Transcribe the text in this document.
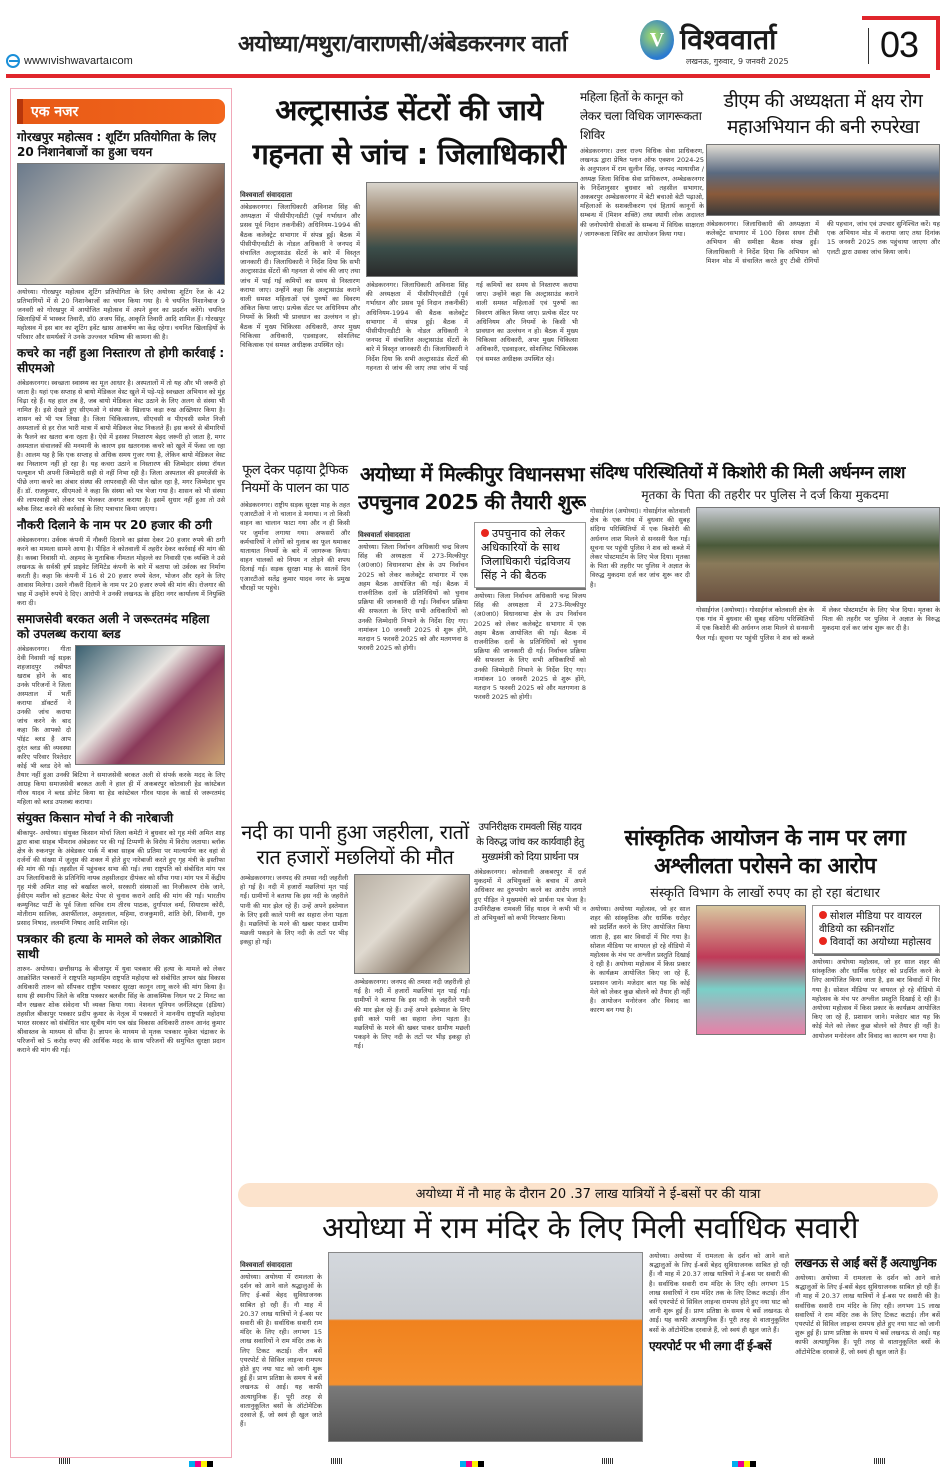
wwwıvishwavartaıcom
अयोध्या/मथुरा/वाराणसी/अंबेडकरनगर वार्ता	V विश्ववार्ता
लखनऊ, गुरुवार, 9 जनवरी 2025	03
एक नजर
गोरखपुर महोत्सव : शूटिंग प्रतियोगिता के लिए 20 निशानेबाजों का हुआ चयन

अयोध्या। गोरखपुर महोत्सव शूटिंग प्रतियोगिता के लिए अयोध्या शूटिंग रेंज के 42 प्रतिभागियों में से 20 निशानेबाजों का चयन किया गया है। ये चयनित निशानेबाज 9 जनवरी को गोरखपुर में आयोजित महोत्सव में अपने हुनर का प्रदर्शन करेंगे। चयनित खिलाड़ियों में भास्कर तिवारी, डॉ0 अजय सिंह, आकृति तिवारी आदि शामिल हैं। गोरखपुर महोत्सव में इस बार का शूटिंग इवेंट खास आकर्षण का केंद्र रहेगा। चयनित खिलाड़ियों के परिवार और समर्थकों ने उनके उज्ज्वल भविष्य की कामना की है।

कचरे का नहीं हुआ निस्तारण तो होगी कार्रवाई : सीएमओ

अंबेडकरनगर। स्वच्छता स्वास्थ्य का मूल आधार है। अस्पतालों में तो यह और भी जरूरी हो जाता है। यहां एक सप्ताह से बायो मेडिकल वेस्ट खुले में पड़े-पड़े स्वच्छता अभियान को मुंह चिढ़ा रहे हैं। यह हाल तब है, जब बायो मेडिकल वेस्ट उठाने के लिए अलग से संस्था भी नामित है। इसे देखते हुए सीएमओ ने संस्था के खिलाफ कड़ा रुख अख्तियार किया है। शासन को भी पत्र लिखा है। जिला चिकित्सालय, सीएचसी व पीएचसी समेत निजी अस्पतालों से हर रोज भारी मात्रा में बायो मेडिकल वेस्ट निकलते हैं। इस कचरे से बीमारियों के फैलने का खतरा बना रहता है। ऐसे में इसका निस्तारण बेहद जरूरी हो जाता है, मगर अस्पताल संचालकों की मनमानी के कारण इस खतरनाक कचरे को खुले में फेंका जा रहा है। आलम यह है कि एक सप्ताह से अधिक समय गुजर गया है, लेकिन बायो मेडिकल वेस्ट का निस्तारण नहीं हो रहा है। यह कचरा उठाने व निस्तारण की जिम्मेदार संस्था रॉयल पल्यूशन भी अपनी जिम्मेदारी सही से नहीं निभा रही है। जिला अस्पताल की इमरजेंसी के पीछे लगा कचरे का अंबार संस्था की लापरवाही की पोल खोल रहा है, मगर जिम्मेदार चुप हैं। डॉ. राजकुमार, सीएमओ ने कहा कि संस्था को पत्र भेजा गया है। शासन को भी संस्था की लापरवाही को लेकर पत्र भेजकर अवगत कराया है। इसमें सुधार नहीं हुआ तो उसे ब्लैक लिस्ट करने की कार्रवाई के लिए पत्राचार किया जाएगा।

नौकरी दिलाने के नाम पर 20 हजार की ठगी

अंबेडकरनगर। उर्वरक कंपनी में नौकरी दिलाने का झांसा देकर 20 हजार रुपये की ठगी करने का मामला सामने आया है। पीड़ित ने कोतवाली में तहरीर देकर कार्रवाई की मांग की है। कस्बा निवासी मो. अहमद के मुताबिक नीमतल मोहल्ले का निवासी एक व्यक्ति ने उसे लखनऊ के सर्वश्री हर्ष प्राइवेट लिमिटेड कंपनी के बारे में बताया जो उर्वरक का निर्माण करती है। कहा कि कंपनी में 16 से 20 हजार रुपये वेतन, भोजन और रहने के लिए आवास मिलेगा। उसने नौकरी दिलाने के नाम पर 20 हजार रुपये की मांग की। रोजगार की चाह में उन्होंने रुपये दे दिए। आरोपी ने उनकी लखनऊ के इंदिरा नगर कार्यालय में नियुक्ति करा दी।

समाजसेवी बरकत अली ने जरूरतमंद महिला को उपलब्ध कराया ब्लड

अंबेडकरनगर। गीता देवी निवासी नई सड़क शहजादपुर तबीयत खराब होने के बाद उनके परिजनों ने जिला अस्पताल में भर्ती कराया डॉक्टरों ने उनकी जांच कराया जांच करने के बाद कहा कि आपको दो पॉइंट ब्लड है आप तुरंत ब्लड की व्यवस्था करिए परिवार रिश्तेदार कोई भी ब्लड देने को तैयार नहीं हुआ उनकी बिटिया ने समाजसेवी बरकत अली से संपर्क करके मदद के लिए आग्रह किया समाजसेवी बरकत अली ने हाल ही में अकबरपुर कोतवाली हेड कांस्टेबल गौरव यादव ने ब्लड डोनेट किया था हेड कांस्टेबल गौरव यादव के कार्ड से जरूरतमंद महिला को ब्लड उपलब्ध कराया।

संयुक्त किसान मोर्चा ने की नारेबाजी

बीकापुर- अयोध्या। संयुक्त किसान मोर्चा जिला कमेटी ने बुधवार को गृह मंत्री अमित शाह द्वारा बाबा साहब भीमराव अंबेडकर पर की गई टिप्पणी के विरोध में विरोध जताया। ब्लॉक क्षेत्र के रुकनपुर के अंबेडकर पार्क में बाबा साहब की प्रतिमा पर माल्यार्पण कर वहां से दर्जनों की संख्या में जुलूस की शक्ल में होते हुए नारेबाजी करते हुए गृह मंत्री के इस्तीफा की मांग की गई। तहसील में पहुंचकर सभा की गई। तथा राष्ट्रपति को संबोधित मांग पत्र उप जिलाधिकारी के प्रतिनिधि नायब तहसीलदार दीपंकर को सौंपा गया। मांग पत्र में केंद्रीय गृह मंत्री अमित शाह को बर्खास्त करने, सरकारी संस्थाओं का निजीकरण रोके जाने, ईवीएम मशीन को हटाकर बैलेट पेपर से चुनाव कराने आदि की मांग की गई। भारतीय कम्युनिस्ट पार्टी के पूर्व जिला सचिव राम तीरथ पाठक, दुर्गापाल वर्मा, सियाराम कोरी, मोतीराम सालिक, अशर्फीलाल, अमृतलाल, महिमा, राजकुमारी, शांति देवी, शिवानी, गुरु प्रसाद निषाद, ललमणि निषाद आदि शामिल रहे।

पत्रकार की हत्या के मामले को लेकर आक्रोशित साथी

तारुन- अयोध्या। छत्तीसगढ़ के बीजापुर में युवा पत्रकार की हत्या के मामले को लेकर आक्रोशित पत्रकारों ने राष्ट्रपति महामहिम राष्ट्रपति महोदया को संबोधित ज्ञापन खंड विकास अधिकारी तारुन को सौंपकर राष्ट्रीय पत्रकार सुरक्षा कानून लागू करने की मांग किया है। साथ ही स्थानीय जिले के वरिष्ठ पत्रकार बलवीर सिंह के आकस्मिक निधन पर 2 मिनट का मौन रखकर शोक संवेदना भी व्यक्त किया गया। नेशनल यूनियन जर्नलिस्ट्स (इंडिया) तहसील बीकापुर पत्रकार प्रदीप कुमार के नेतृत्व में पत्रकारों ने माननीय राष्ट्रपति महोदया भारत सरकार को संबोधित चार सूत्रीय मांग पत्र खंड विकास अधिकारी तारुन आनंद कुमार श्रीवास्तव के माध्यम से सौंपा है। ज्ञापन के माध्यम से मृतक पत्रकार मुकेश चंद्राकर के परिजनों को 5 करोड़ रुपए की आर्थिक मदद के साथ परिजनों की समुचित सुरक्षा प्रदान कराने की मांग की गई।

अल्ट्रासाउंड सेंटरों की जाये गहनता से जांच : जिलाधिकारी
विश्ववार्ता संवाददाता

अंबेडकरनगर। जिलाधिकारी अविनाश सिंह की अध्यक्षता में पीसीपीएनडीटी (पूर्व गर्भाधान और प्रसव पूर्व निदान तकनीकी) अधिनियम-1994 की बैठक कलेक्ट्रेट सभागार में संपन्न हुई। बैठक में पीसीपीएनडीटी के नोडल अधिकारी ने जनपद में संचालित अल्ट्रासाउंड सेंटरों के बारे में विस्तृत जानकारी दी। जिलाधिकारी ने निर्देश दिया कि सभी अल्ट्रासाउंड सेंटरों की गहनता से जांच की जाए तथा जांच में पाई गई कमियों का समय से निस्तारण कराया जाए। उन्होंने कहा कि अल्ट्रासाउंड कराने वाली समस्त महिलाओं एवं पुरुषों का विवरण अंकित किया जाए। प्रत्येक सेंटर पर अधिनियम और नियमों के किसी भी प्रावधान का उल्लंघन न हो। बैठक में मुख्य चिकित्सा अधिकारी, अपर मुख्य चिकित्सा अधिकारी, एडवाइजर, सोशलिस्ट चिकित्सक एवं समस्त अधीक्षक उपस्थित रहे।

अंबेडकरनगर। जिलाधिकारी अविनाश सिंह की अध्यक्षता में पीसीपीएनडीटी (पूर्व गर्भाधान और प्रसव पूर्व निदान तकनीकी) अधिनियम-1994 की बैठक कलेक्ट्रेट सभागार में संपन्न हुई। बैठक में पीसीपीएनडीटी के नोडल अधिकारी ने जनपद में संचालित अल्ट्रासाउंड सेंटरों के बारे में विस्तृत जानकारी दी। जिलाधिकारी ने निर्देश दिया कि सभी अल्ट्रासाउंड सेंटरों की गहनता से जांच की जाए तथा जांच में पाई गई कमियों का समय से निस्तारण कराया जाए। उन्होंने कहा कि अल्ट्रासाउंड कराने वाली समस्त महिलाओं एवं पुरुषों का विवरण अंकित किया जाए। प्रत्येक सेंटर पर अधिनियम और नियमों के किसी भी प्रावधान का उल्लंघन न हो। बैठक में मुख्य चिकित्सा अधिकारी, अपर मुख्य चिकित्सा अधिकारी, एडवाइजर, सोशलिस्ट चिकित्सक एवं समस्त अधीक्षक उपस्थित रहे।

महिला हितों के कानून को लेकर चला विधिक जागरूकता शिविर

अंबेडकरनगर। उत्तर राज्य विधिक सेवा प्राधिकरण, लखनऊ द्वारा प्रेषित प्लान ऑफ एक्शन 2024-25 के अनुपालन में राम सुलीन सिंह, जनपद न्यायाधीश / अध्यक्ष जिला विधिक सेवा प्राधिकरण, अम्बेडकरनगर के निर्देशानुसार बुधवार को तहसील सभागार, अकबरपुर अम्बेडकरनगर में बेटी बचाओ बेटी पढ़ाओ, महिलाओं के सशक्तीकरण एवं हितार्थ कानूनों के सम्बन्ध में (मिशन शक्ति) तथा स्थायी लोक अदालत की जनोपयोगी सेवाओं के सम्बन्ध में विधिक साक्षरता / जागरूकता शिविर का आयोजन किया गया।

डीएम की अध्यक्षता में क्षय रोग महाअभियान की बनी रुपरेखा

अंबेडकरनगर। जिलाधिकारी की अध्यक्षता में कलेक्ट्रेट सभागार में 100 दिवस सघन टीबी अभियान की समीक्षा बैठक संपन्न हुई। जिलाधिकारी ने निर्देश दिया कि अभियान को मिशन मोड में संचालित करते हुए टीबी रोगियों की पहचान, जांच एवं उपचार सुनिश्चित करें। यह एक अभियान मोड में कराया जाए तथा दिनांक 15 जनवरी 2025 तक पहुंचाया जाएगा और एलटी द्वारा उसका जांच किया जाये।

फूल देकर पढ़ाया ट्रैफिक नियमों के पालन का पाठ

अंबेडकरनगर। राष्ट्रीय सड़क सुरक्षा माह के तहत एआरटीओ ने नो चालान डे मनाया। न तो किसी वाहन का चालान फाटा गया और न ही किसी पर जुर्माना लगाया गया। अफसरों और कर्मचारियों ने लोगों को गुलाब का फूल थमाकर यातायात नियमों के बारे में जागरूक किया। वाहन चालकों को नियम न तोड़ने की शपथ दिलाई गई। सड़क सुरक्षा माह के सातवें दिन एआरटीओ सतेंद्र कुमार यादव नगर के प्रमुख चौराहों पर पहुंचे।

अयोध्या में मिल्कीपुर विधानसभा उपचुनाव 2025 की तैयारी शुरू
विश्ववार्ता संवाददाता

अयोध्या। जिला निर्वाचन अधिकारी चन्द्र विजय सिंह की अध्यक्षता में 273-मिल्कीपुर (अ0जा0) विधानसभा क्षेत्र के उप निर्वाचन 2025 को लेकर कलेक्ट्रेट सभागार में एक अहम बैठक आयोजित की गई। बैठक में राजनीतिक दलों के प्रतिनिधियों को चुनाव प्रक्रिया की जानकारी दी गई। निर्वाचन प्रक्रिया की सफलता के लिए सभी अधिकारियों को उनकी जिम्मेदारी निभाने के निर्देश दिए गए। नामांकन 10 जनवरी 2025 से शुरू होंगे, मतदान 5 फरवरी 2025 को और मतगणना 8 फरवरी 2025 को होगी।

उपचुनाव को लेकर अधिकारियों के साथ जिलाधिकारी चंद्रविजय सिंह ने की बैठक

अयोध्या। जिला निर्वाचन अधिकारी चन्द्र विजय सिंह की अध्यक्षता में 273-मिल्कीपुर (अ0जा0) विधानसभा क्षेत्र के उप निर्वाचन 2025 को लेकर कलेक्ट्रेट सभागार में एक अहम बैठक आयोजित की गई। बैठक में राजनीतिक दलों के प्रतिनिधियों को चुनाव प्रक्रिया की जानकारी दी गई। निर्वाचन प्रक्रिया की सफलता के लिए सभी अधिकारियों को उनकी जिम्मेदारी निभाने के निर्देश दिए गए। नामांकन 10 जनवरी 2025 से शुरू होंगे, मतदान 5 फरवरी 2025 को और मतगणना 8 फरवरी 2025 को होगी।

संदिग्ध परिस्थितियों में किशोरी की मिली अर्धनग्न लाश
मृतका के पिता की तहरीर पर पुलिस ने दर्ज किया मुकदमा

गोसाईगंज (अयोध्या)। गोसाईगंज कोतवाली क्षेत्र के एक गांव में बुधवार की सुबह संदिग्ध परिस्थितियों में एक किशोरी की अर्धनग्न लाश मिलने से सनसनी फैल गई। सूचना पर पहुंची पुलिस ने शव को कब्जे में लेकर पोस्टमार्टम के लिए भेज दिया। मृतका के पिता की तहरीर पर पुलिस ने अज्ञात के विरुद्ध मुकदमा दर्ज कर जांच शुरू कर दी है।

गोसाईगंज (अयोध्या)। गोसाईगंज कोतवाली क्षेत्र के एक गांव में बुधवार की सुबह संदिग्ध परिस्थितियों में एक किशोरी की अर्धनग्न लाश मिलने से सनसनी फैल गई। सूचना पर पहुंची पुलिस ने शव को कब्जे में लेकर पोस्टमार्टम के लिए भेज दिया। मृतका के पिता की तहरीर पर पुलिस ने अज्ञात के विरुद्ध मुकदमा दर्ज कर जांच शुरू कर दी है।

नदी का पानी हुआ जहरीला, रातों रात हजारों मछलियों की मौत

अम्बेडकरनगर। जनपद की तमसा नदी जहरीली हो गई है। नदी में हजारों मछलियां मृत पाई गईं। ग्रामीणों ने बताया कि इस नदी के जहरीले पानी की मार झेल रहे हैं। उन्हें अपने इस्तेमाल के लिए इसी काले पानी का सहारा लेना पड़ता है। मछलियों के मरने की खबर पाकर ग्रामीण मछली पकड़ने के लिए नदी के तटों पर भीड़ इकट्ठा हो गई।

अम्बेडकरनगर। जनपद की तमसा नदी जहरीली हो गई है। नदी में हजारों मछलियां मृत पाई गईं। ग्रामीणों ने बताया कि इस नदी के जहरीले पानी की मार झेल रहे हैं। उन्हें अपने इस्तेमाल के लिए इसी काले पानी का सहारा लेना पड़ता है। मछलियों के मरने की खबर पाकर ग्रामीण मछली पकड़ने के लिए नदी के तटों पर भीड़ इकट्ठा हो गई।

उपनिरीक्षक रामवली सिंह यादव के विरुद्ध जांच कर कार्यवाही हेतु मुख्यमंत्री को दिया प्रार्थना पत्र

अंबेडकरनगर। कोतवाली अकबरपुर में दर्ज मुकदमों में अभियुक्तों के बचाव में अपने अधिकार का दुरुपयोग करने का आरोप लगाते हुए पीड़ित ने मुख्यमंत्री को प्रार्थना पत्र भेजा है। उपनिरीक्षक रामवली सिंह यादव ने कभी भी न तो अभियुक्तों को कभी गिरफ्तार किया।

सांस्कृतिक आयोजन के नाम पर लगा अश्लीलता परोसने का आरोप
संस्कृति विभाग के लाखों रुपए का हो रहा बंटाधार

अयोध्या। अयोध्या महोत्सव, जो हर साल शहर की सांस्कृतिक और धार्मिक धरोहर को प्रदर्शित करने के लिए आयोजित किया जाता है, इस बार विवादों में घिर गया है। सोशल मीडिया पर वायरल हो रहे वीडियो में महोत्सव के मंच पर अश्लील प्रस्तुति दिखाई दे रही है। अयोध्या महोत्सव में किस प्रकार के कार्यक्रम आयोजित किए जा रहे हैं, प्रशासन जाने। मजेदार बात यह कि कोई मेले को लेकर कुछ बोलने को तैयार ही नहीं है। आयोजन मनोरंजन और विवाद का कारण बन गया है।

सोशल मीडिया पर वायरल वीडियो का स्क्रीनशॉट
विवादों का अयोध्या महोत्सव

अयोध्या। अयोध्या महोत्सव, जो हर साल शहर की सांस्कृतिक और धार्मिक धरोहर को प्रदर्शित करने के लिए आयोजित किया जाता है, इस बार विवादों में घिर गया है। सोशल मीडिया पर वायरल हो रहे वीडियो में महोत्सव के मंच पर अश्लील प्रस्तुति दिखाई दे रही है। अयोध्या महोत्सव में किस प्रकार के कार्यक्रम आयोजित किए जा रहे हैं, प्रशासन जाने। मजेदार बात यह कि कोई मेले को लेकर कुछ बोलने को तैयार ही नहीं है। आयोजन मनोरंजन और विवाद का कारण बन गया है।

अयोध्या में नौ माह के दौरान 20 .37 लाख यात्रियों ने ई-बसों पर की यात्रा
अयोध्या में राम मंदिर के लिए मिली सर्वाधिक सवारी
विश्ववार्ता संवाददाता

अयोध्या। अयोध्या में रामलला के दर्शन को आने वाले श्रद्धालुओं के लिए ई-बसें बेहद सुविधाजनक साबित हो रही हैं। नौ माह में 20.37 लाख यात्रियों ने ई-बस पर सवारी की है। सर्वाधिक सवारी राम मंदिर के लिए रही। लगभग 15 लाख सवारियों ने राम मंदिर तक के लिए टिकट कटाई। तीन बसें एयरपोर्ट से सिविल लाइन्स रामपथ होते हुए नया घाट को जानी शुरू हुई हैं। प्राण प्रतिष्ठा के समय ये बसें लखनऊ से आईं। यह काफी अत्याधुनिक हैं। पूरी तरह से वातानुकूलित बसों के ऑटोमेटिक दरवाजे हैं, जो स्वयं ही खुल जाते हैं।

अयोध्या। अयोध्या में रामलला के दर्शन को आने वाले श्रद्धालुओं के लिए ई-बसें बेहद सुविधाजनक साबित हो रही हैं। नौ माह में 20.37 लाख यात्रियों ने ई-बस पर सवारी की है। सर्वाधिक सवारी राम मंदिर के लिए रही। लगभग 15 लाख सवारियों ने राम मंदिर तक के लिए टिकट कटाई। तीन बसें एयरपोर्ट से सिविल लाइन्स रामपथ होते हुए नया घाट को जानी शुरू हुई हैं। प्राण प्रतिष्ठा के समय ये बसें लखनऊ से आईं। यह काफी अत्याधुनिक हैं। पूरी तरह से वातानुकूलित बसों के ऑटोमेटिक दरवाजे हैं, जो स्वयं ही खुल जाते हैं।

एयरपोर्ट पर भी लगा दीं ई-बसें
लखनऊ से आईं बसें हैं अत्याधुनिक

अयोध्या। अयोध्या में रामलला के दर्शन को आने वाले श्रद्धालुओं के लिए ई-बसें बेहद सुविधाजनक साबित हो रही हैं। नौ माह में 20.37 लाख यात्रियों ने ई-बस पर सवारी की है। सर्वाधिक सवारी राम मंदिर के लिए रही। लगभग 15 लाख सवारियों ने राम मंदिर तक के लिए टिकट कटाई। तीन बसें एयरपोर्ट से सिविल लाइन्स रामपथ होते हुए नया घाट को जानी शुरू हुई हैं। प्राण प्रतिष्ठा के समय ये बसें लखनऊ से आईं। यह काफी अत्याधुनिक हैं। पूरी तरह से वातानुकूलित बसों के ऑटोमेटिक दरवाजे हैं, जो स्वयं ही खुल जाते हैं।
